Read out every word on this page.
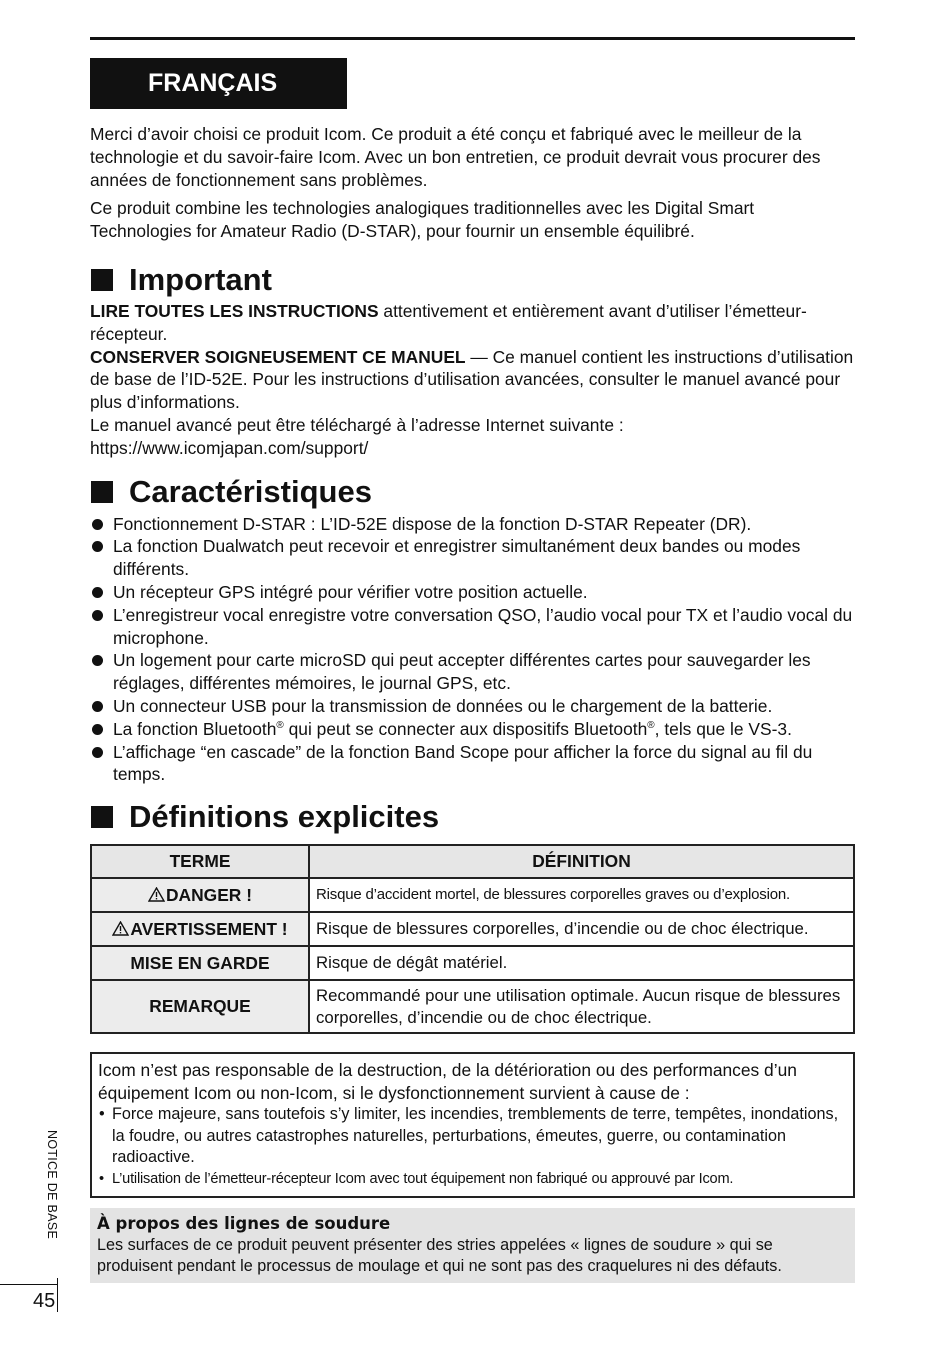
FRANÇAIS

Merci d’avoir choisi ce produit Icom. Ce produit a été conçu et fabriqué avec le meilleur de la technologie et du savoir-faire Icom. Avec un bon entretien, ce produit devrait vous procurer des années de fonctionnement sans problèmes.

Ce produit combine les technologies analogiques traditionnelles avec les Digital Smart Technologies for Amateur Radio (D-STAR), pour fournir un ensemble équilibré.

Important

LIRE TOUTES LES INSTRUCTIONS attentivement et entièrement avant d’utiliser l’émetteur-récepteur.

CONSERVER SOIGNEUSEMENT CE MANUEL — Ce manuel contient les instructions d’utilisation de base de l’ID-52E. Pour les instructions d’utilisation avancées, consulter le manuel avancé pour plus d’informations.

Le manuel avancé peut être téléchargé à l’adresse Internet suivante :

https://www.icomjapan.com/support/

Caractéristiques
Fonctionnement D-STAR : L’ID-52E dispose de la fonction D-STAR Repeater (DR).
La fonction Dualwatch peut recevoir et enregistrer simultanément deux bandes ou modes différents.
Un récepteur GPS intégré pour vérifier votre position actuelle.
L’enregistreur vocal enregistre votre conversation QSO, l’audio vocal pour TX et l’audio vocal du microphone.
Un logement pour carte microSD qui peut accepter différentes cartes pour sauvegarder les réglages, différentes mémoires, le journal GPS, etc.
Un connecteur USB pour la transmission de données ou le chargement de la batterie.
La fonction Bluetooth® qui peut se connecter aux dispositifs Bluetooth®, tels que le VS-3.
L’affichage “en cascade” de la fonction Band Scope pour afficher la force du signal au fil du temps.
Définitions explicites
TERME	DÉFINITION
DANGER !	Risque d’accident mortel, de blessures corporelles graves ou d’explosion.
AVERTISSEMENT !	Risque de blessures corporelles, d’incendie ou de choc électrique.
MISE EN GARDE	Risque de dégât matériel.
REMARQUE	Recommandé pour une utilisation optimale. Aucun risque de blessures corporelles, d’incendie ou de choc électrique.

Icom n’est pas responsable de la destruction, de la détérioration ou des performances d’un équipement Icom ou non-Icom, si le dysfonctionnement survient à cause de :

• Force majeure, sans toutefois s’y limiter, les incendies, tremblements de terre, tempêtes, inondations, la foudre, ou autres catastrophes naturelles, perturbations, émeutes, guerre, ou contamination radioactive.
• L’utilisation de l’émetteur-récepteur Icom avec tout équipement non fabriqué ou approuvé par Icom.
À propos des lignes de soudure

Les surfaces de ce produit peuvent présenter des stries appelées « lignes de soudure » qui se produisent pendant le processus de moulage et qui ne sont pas des craquelures ni des défauts.

NOTICE DE BASE
45
